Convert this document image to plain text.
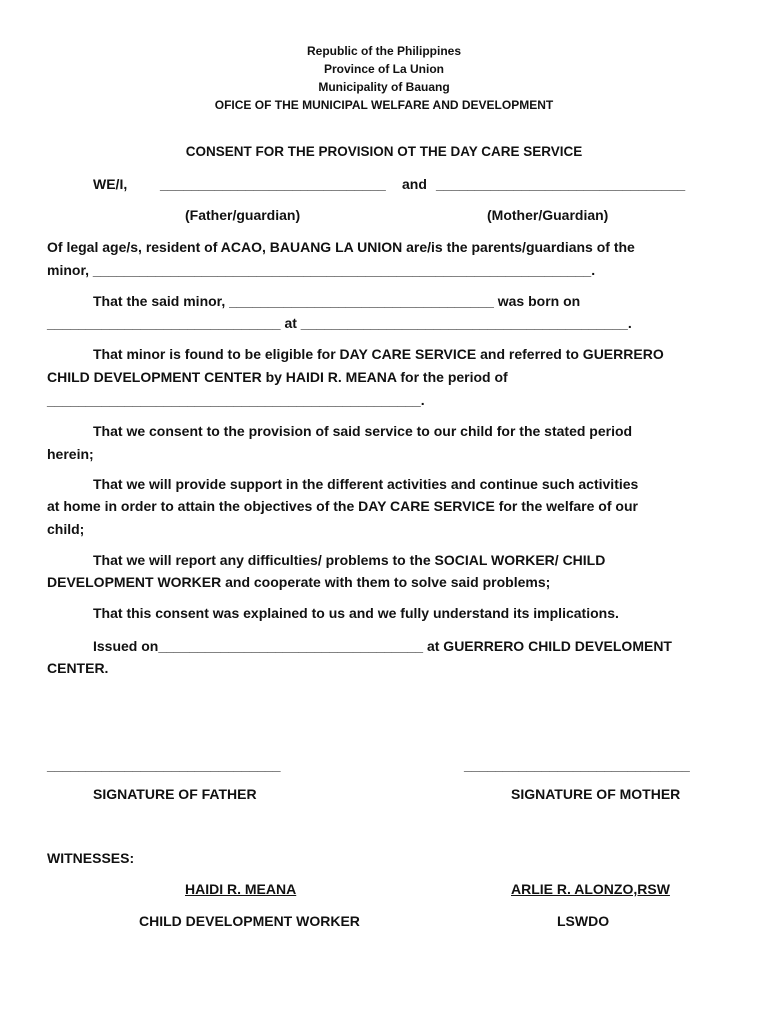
Republic of the Philippines
Province of La Union
Municipality of Bauang
OFICE OF THE MUNICIPAL WELFARE AND DEVELOPMENT
CONSENT FOR THE PROVISION OT THE DAY CARE SERVICE
WE/I, _____________________________ and ________________________________
(Father/guardian)	(Mother/Guardian)
Of legal age/s, resident of ACAO, BAUANG LA UNION are/is the parents/guardians of the
minor, ________________________________________________________________.
That the said minor, __________________________________ was born on
______________________________ at __________________________________________.
That minor is found to be eligible for DAY CARE SERVICE and referred to GUERRERO
CHILD DEVELOPMENT CENTER by HAIDI R. MEANA for the period of
________________________________________________.
That we consent to the provision of said service to our child for the stated period
herein;
That we will provide support in the different activities and continue such activities
at home in order to attain the objectives of the DAY CARE SERVICE for the welfare of our
child;
That we will report any difficulties/ problems to the SOCIAL WORKER/ CHILD
DEVELOPMENT WORKER and cooperate with them to solve said problems;
That this consent was explained to us and we fully understand its implications.
Issued on__________________________________ at GUERRERO CHILD DEVELOMENT
CENTER.
______________________________	_____________________________
SIGNATURE OF FATHER	SIGNATURE OF MOTHER
WITNESSES:
HAIDI R. MEANA	ARLIE R. ALONZO,RSW
CHILD DEVELOPMENT WORKER	LSWDO
